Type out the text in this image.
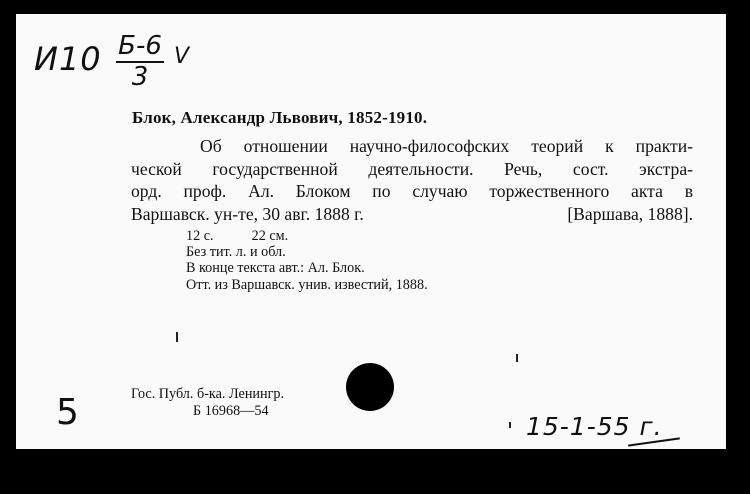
И10 Б-6
3
V
Блок, Александр Львович, 1852-1910.
Об отношении научно-философских теорий к практи-
ческой государственной деятельности. Речь, сост. экстра-
орд. проф. Ал. Блоком по случаю торжественного акта в
Варшавск. ун-те, 30 авг. 1888 г.	[Варшава, 1888].
12 с.	22 см.
Без тит. л. и обл.
В конце текста авт.: Ал. Блок.
Отт. из Варшавск. унив. известий, 1888.
Гос. Публ. б-ка. Ленингр.
Б 16968—54
5	15-1-55 г.
